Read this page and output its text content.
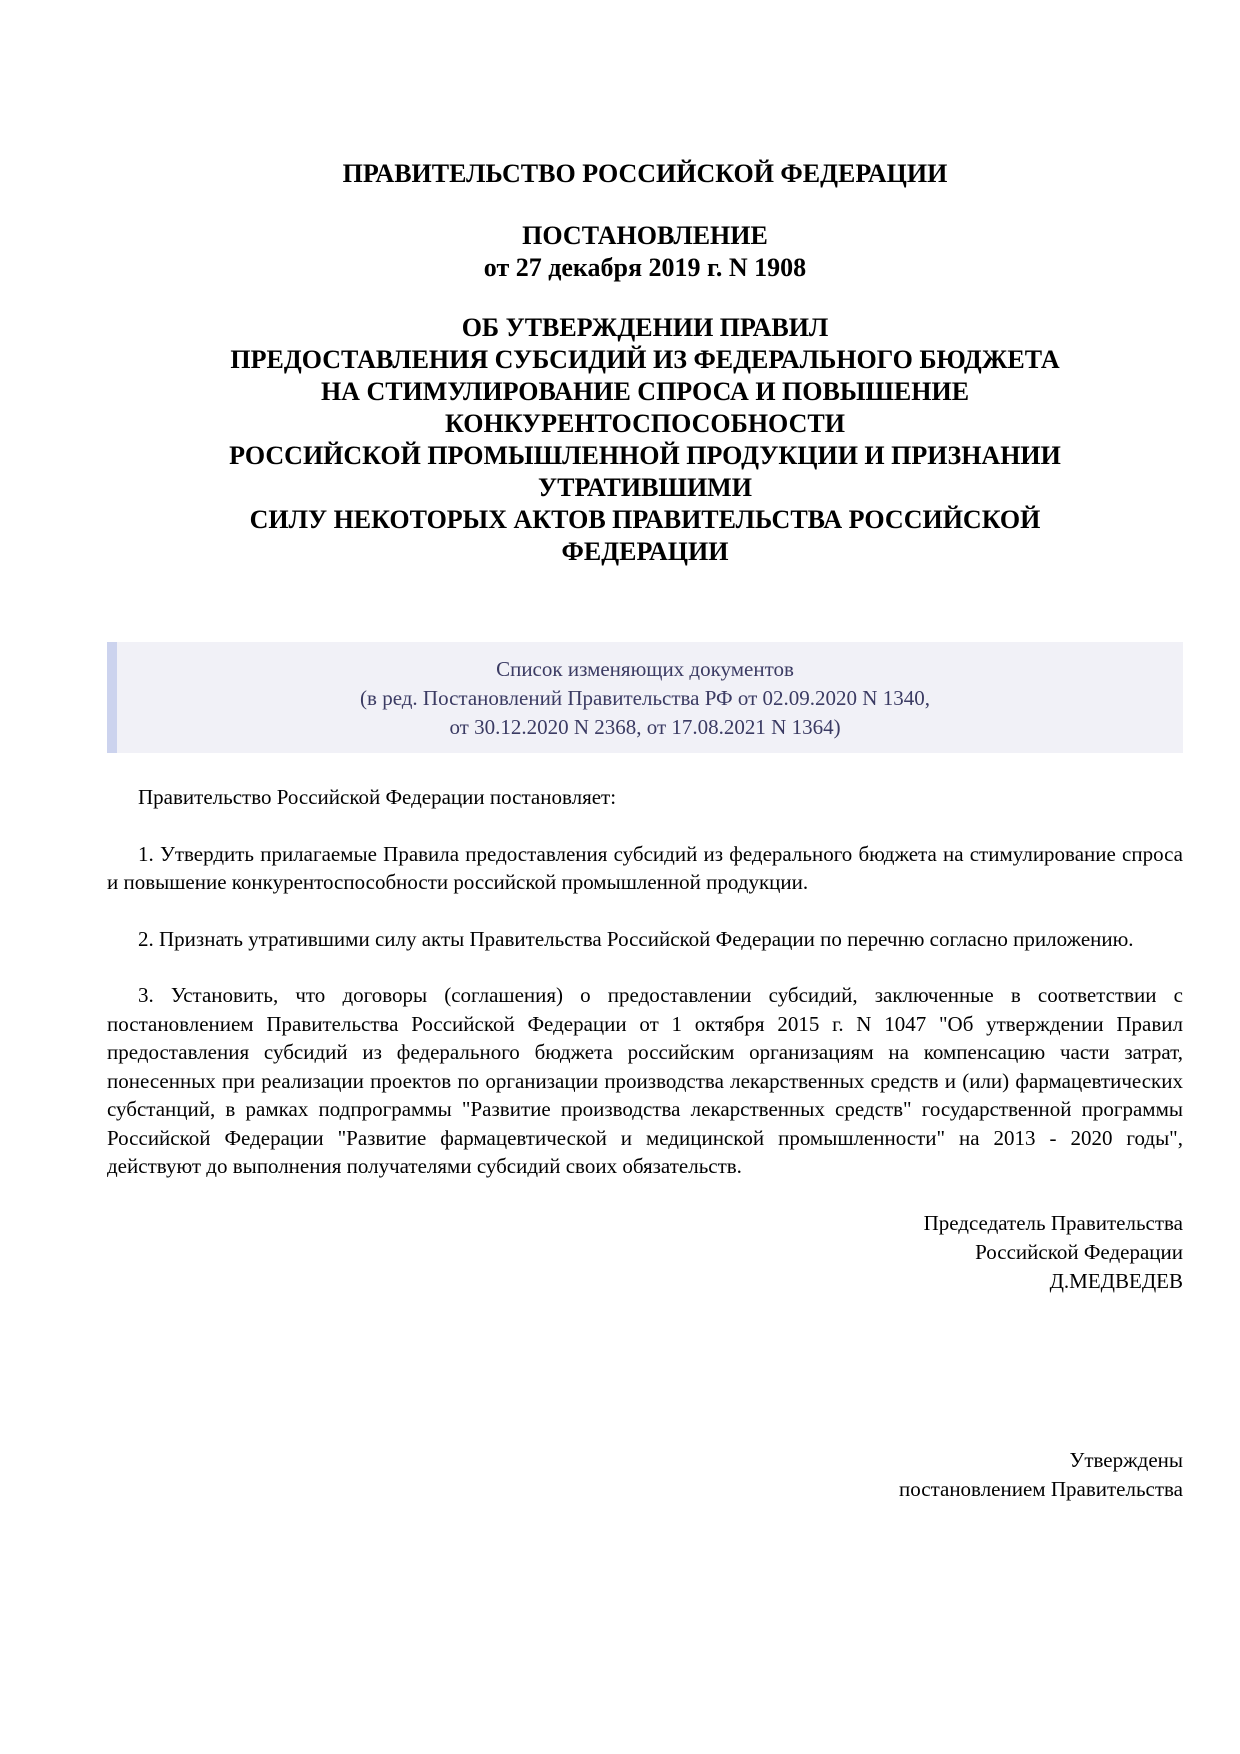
ПРАВИТЕЛЬСТВО РОССИЙСКОЙ ФЕДЕРАЦИИ
ПОСТАНОВЛЕНИЕ
от 27 декабря 2019 г. N 1908
ОБ УТВЕРЖДЕНИИ ПРАВИЛ
ПРЕДОСТАВЛЕНИЯ СУБСИДИЙ ИЗ ФЕДЕРАЛЬНОГО БЮДЖЕТА
НА СТИМУЛИРОВАНИЕ СПРОСА И ПОВЫШЕНИЕ
КОНКУРЕНТОСПОСОБНОСТИ
РОССИЙСКОЙ ПРОМЫШЛЕННОЙ ПРОДУКЦИИ И ПРИЗНАНИИ
УТРАТИВШИМИ
СИЛУ НЕКОТОРЫХ АКТОВ ПРАВИТЕЛЬСТВА РОССИЙСКОЙ
ФЕДЕРАЦИИ
Список изменяющих документов
(в ред. Постановлений Правительства РФ от 02.09.2020 N 1340,
от 30.12.2020 N 2368, от 17.08.2021 N 1364)

Правительство Российской Федерации постановляет:

1. Утвердить прилагаемые Правила предоставления субсидий из федерального бюджета на стимулирование спроса и повышение конкурентоспособности российской промышленной продукции.

2. Признать утратившими силу акты Правительства Российской Федерации по перечню согласно приложению.

3. Установить, что договоры (соглашения) о предоставлении субсидий, заключенные в соответствии с постановлением Правительства Российской Федерации от 1 октября 2015 г. N 1047 "Об утверждении Правил предоставления субсидий из федерального бюджета российским организациям на компенсацию части затрат, понесенных при реализации проектов по организации производства лекарственных средств и (или) фармацевтических субстанций, в рамках подпрограммы "Развитие производства лекарственных средств" государственной программы Российской Федерации "Развитие фармацевтической и медицинской промышленности" на 2013 - 2020 годы", действуют до выполнения получателями субсидий своих обязательств.

Председатель Правительства
Российской Федерации
Д.МЕДВЕДЕВ
Утверждены
постановлением Правительства
